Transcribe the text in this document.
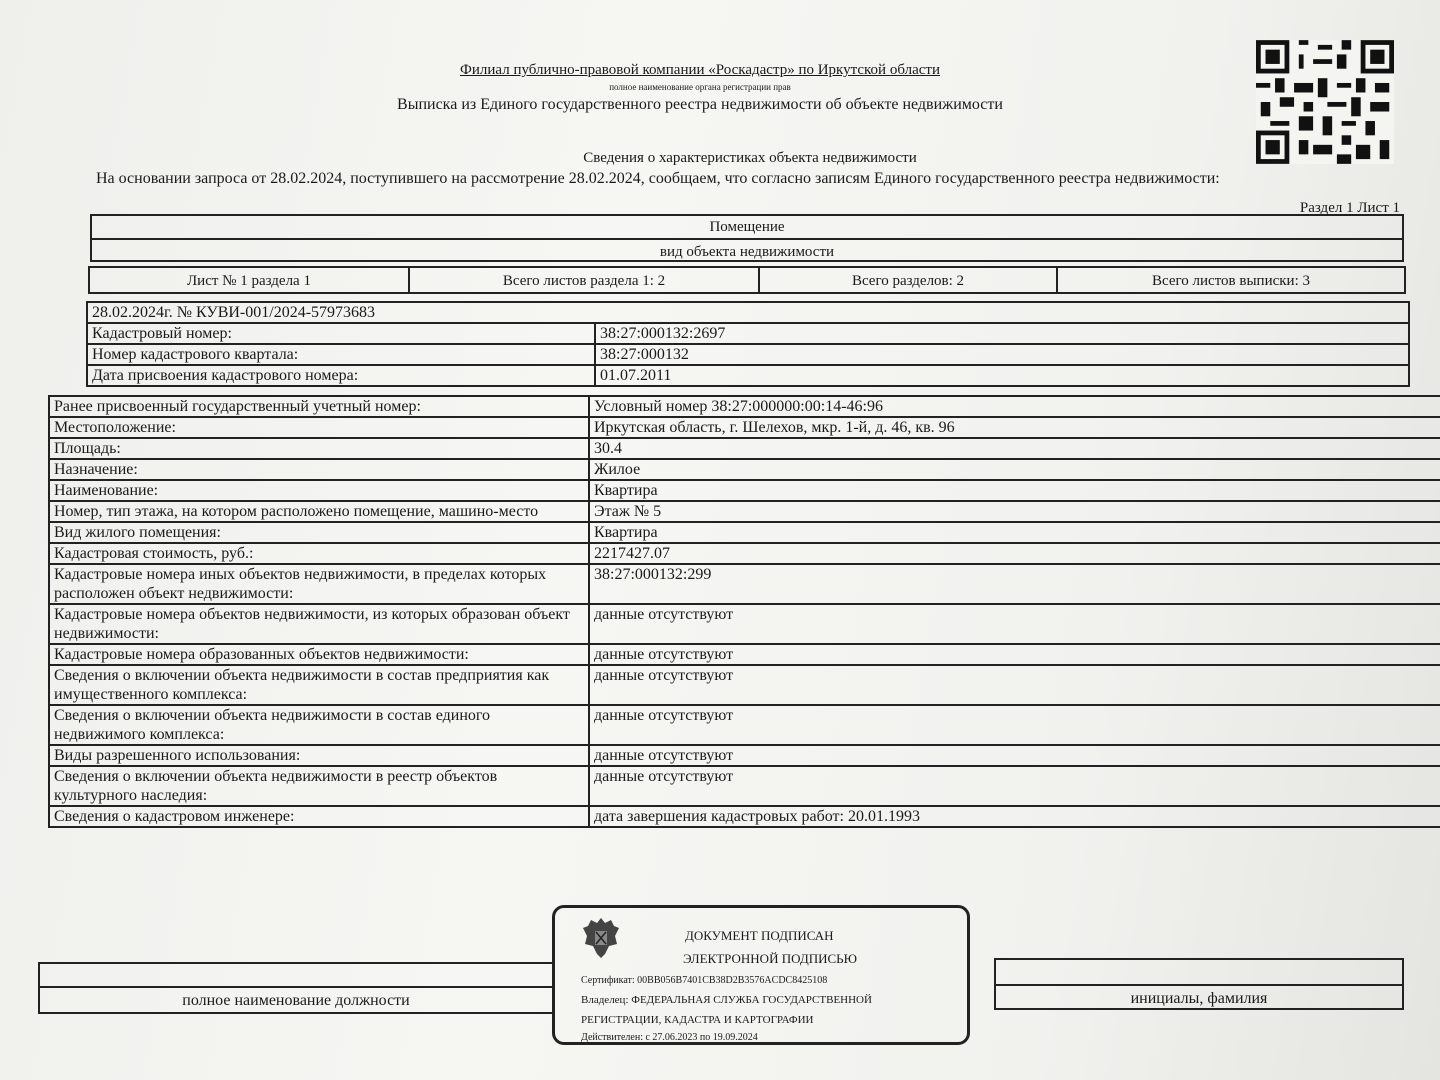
Филиал публично-правовой компании «Роскадастр» по Иркутской области
полное наименование органа регистрации прав
Выписка из Единого государственного реестра недвижимости об объекте недвижимости
Сведения о характеристиках объекта недвижимости
На основании запроса от 28.02.2024, поступившего на рассмотрение 28.02.2024, сообщаем, что согласно записям Единого государственного реестра недвижимости:
Раздел 1 Лист 1
Помещение
вид объекта недвижимости
Лист № 1 раздела 1	Всего листов раздела 1: 2	Всего разделов: 2	Всего листов выписки: 3
28.02.2024г. № КУВИ-001/2024-57973683	
Кадастровый номер:	38:27:000132:2697
Номер кадастрового квартала:	38:27:000132
Дата присвоения кадастрового номера:	01.07.2011
Ранее присвоенный государственный учетный номер:	Условный номер 38:27:000000:00:14-46:96
Местоположение:	Иркутская область, г. Шелехов, мкр. 1-й, д. 46, кв. 96
Площадь:	30.4
Назначение:	Жилое
Наименование:	Квартира
Номер, тип этажа, на котором расположено помещение, машино-место	Этаж № 5
Вид жилого помещения:	Квартира
Кадастровая стоимость, руб.:	2217427.07
Кадастровые номера иных объектов недвижимости, в пределах которых расположен объект недвижимости:	38:27:000132:299
Кадастровые номера объектов недвижимости, из которых образован объект недвижимости:	данные отсутствуют
Кадастровые номера образованных объектов недвижимости:	данные отсутствуют
Сведения о включении объекта недвижимости в состав предприятия как имущественного комплекса:	данные отсутствуют
Сведения о включении объекта недвижимости в состав единого недвижимого комплекса:	данные отсутствуют
Виды разрешенного использования:	данные отсутствуют
Сведения о включении объекта недвижимости в реестр объектов культурного наследия:	данные отсутствуют
Сведения о кадастровом инженере:	дата завершения кадастровых работ: 20.01.1993
ДОКУМЕНТ ПОДПИСАН
ЭЛЕКТРОННОЙ ПОДПИСЬЮ
Сертификат: 00BB056B7401CB38D2B3576ACDC8425108
Владелец: ФЕДЕРАЛЬНАЯ СЛУЖБА ГОСУДАРСТВЕННОЙ
РЕГИСТРАЦИИ, КАДАСТРА И КАРТОГРАФИИ
Действителен: с 27.06.2023 по 19.09.2024
полное наименование должности	инициалы, фамилия
